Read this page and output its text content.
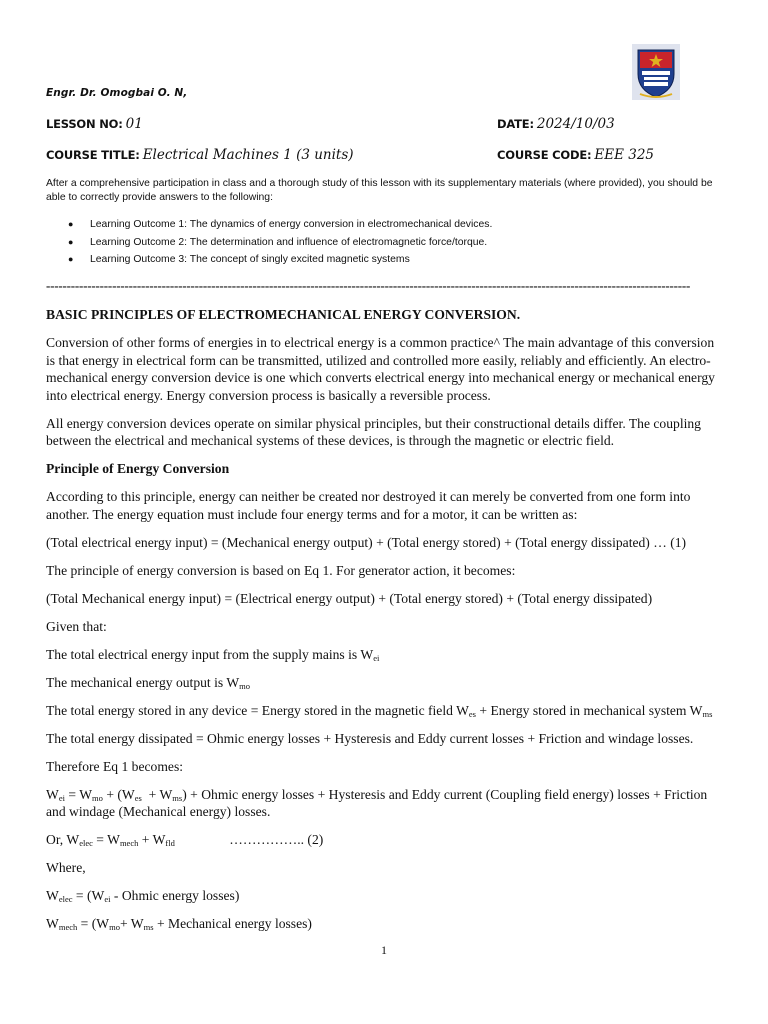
Engr. Dr. Omogbai O. N,
LESSON NO: 01	DATE: 2024/10/03
COURSE TITLE: Electrical Machines 1 (3 units)	COURSE CODE: EEE 325
After a comprehensive participation in class and a thorough study of this lesson with its supplementary materials (where provided), you should be able to correctly provide answers to the following:
● Learning Outcome 1: The dynamics of energy conversion in electromechanical devices.
● Learning Outcome 2: The determination and influence of electromagnetic force/torque.
● Learning Outcome 3: The concept of singly excited magnetic systems
------------------------------------------------------------------------------------------------------------------------------------------------------------

BASIC PRINCIPLES OF ELECTROMECHANICAL ENERGY CONVERSION.

Conversion of other forms of energies in to electrical energy is a common practice^ The main advantage of this conversion is that energy in electrical form can be transmitted, utilized and controlled more easily, reliably and efficiently. An electro-mechanical energy conversion device is one which converts electrical energy into mechanical energy or mechanical energy into electrical energy. Energy conversion process is basically a reversible process.

All energy conversion devices operate on similar physical principles, but their constructional details differ. The coupling between the electrical and mechanical systems of these devices, is through the magnetic or electric field.

Principle of Energy Conversion

According to this principle, energy can neither be created nor destroyed it can merely be converted from one form into another. The energy equation must include four energy terms and for a motor, it can be written as:

(Total electrical energy input) = (Mechanical energy output) + (Total energy stored) + (Total energy dissipated) … (1)

The principle of energy conversion is based on Eq 1. For generator action, it becomes:

(Total Mechanical energy input) = (Electrical energy output) + (Total energy stored) + (Total energy dissipated)

Given that:

The total electrical energy input from the supply mains is $W_{ei}$

The mechanical energy output is $W_{mo}$

The total energy stored in any device = Energy stored in the magnetic field $W_{es}$ + Energy stored in mechanical system $W_{ms}$

The total energy dissipated = Ohmic energy losses + Hysteresis and Eddy current losses + Friction and windage losses.

Therefore Eq 1 becomes:

$W_{ei} = W_{mo} + (W_{es} + W_{ms})$ + Ohmic energy losses + Hysteresis and Eddy current (Coupling field energy) losses + Friction and windage (Mechanical energy) losses.

Or, $W_{elec} = W_{mech} + W_{fld}$                …………….. (2)

Where,

$W_{elec} = (W_{ei}$ - Ohmic energy losses)

$W_{mech} = (W_{mo}+ W_{ms}$ + Mechanical energy losses)

1
